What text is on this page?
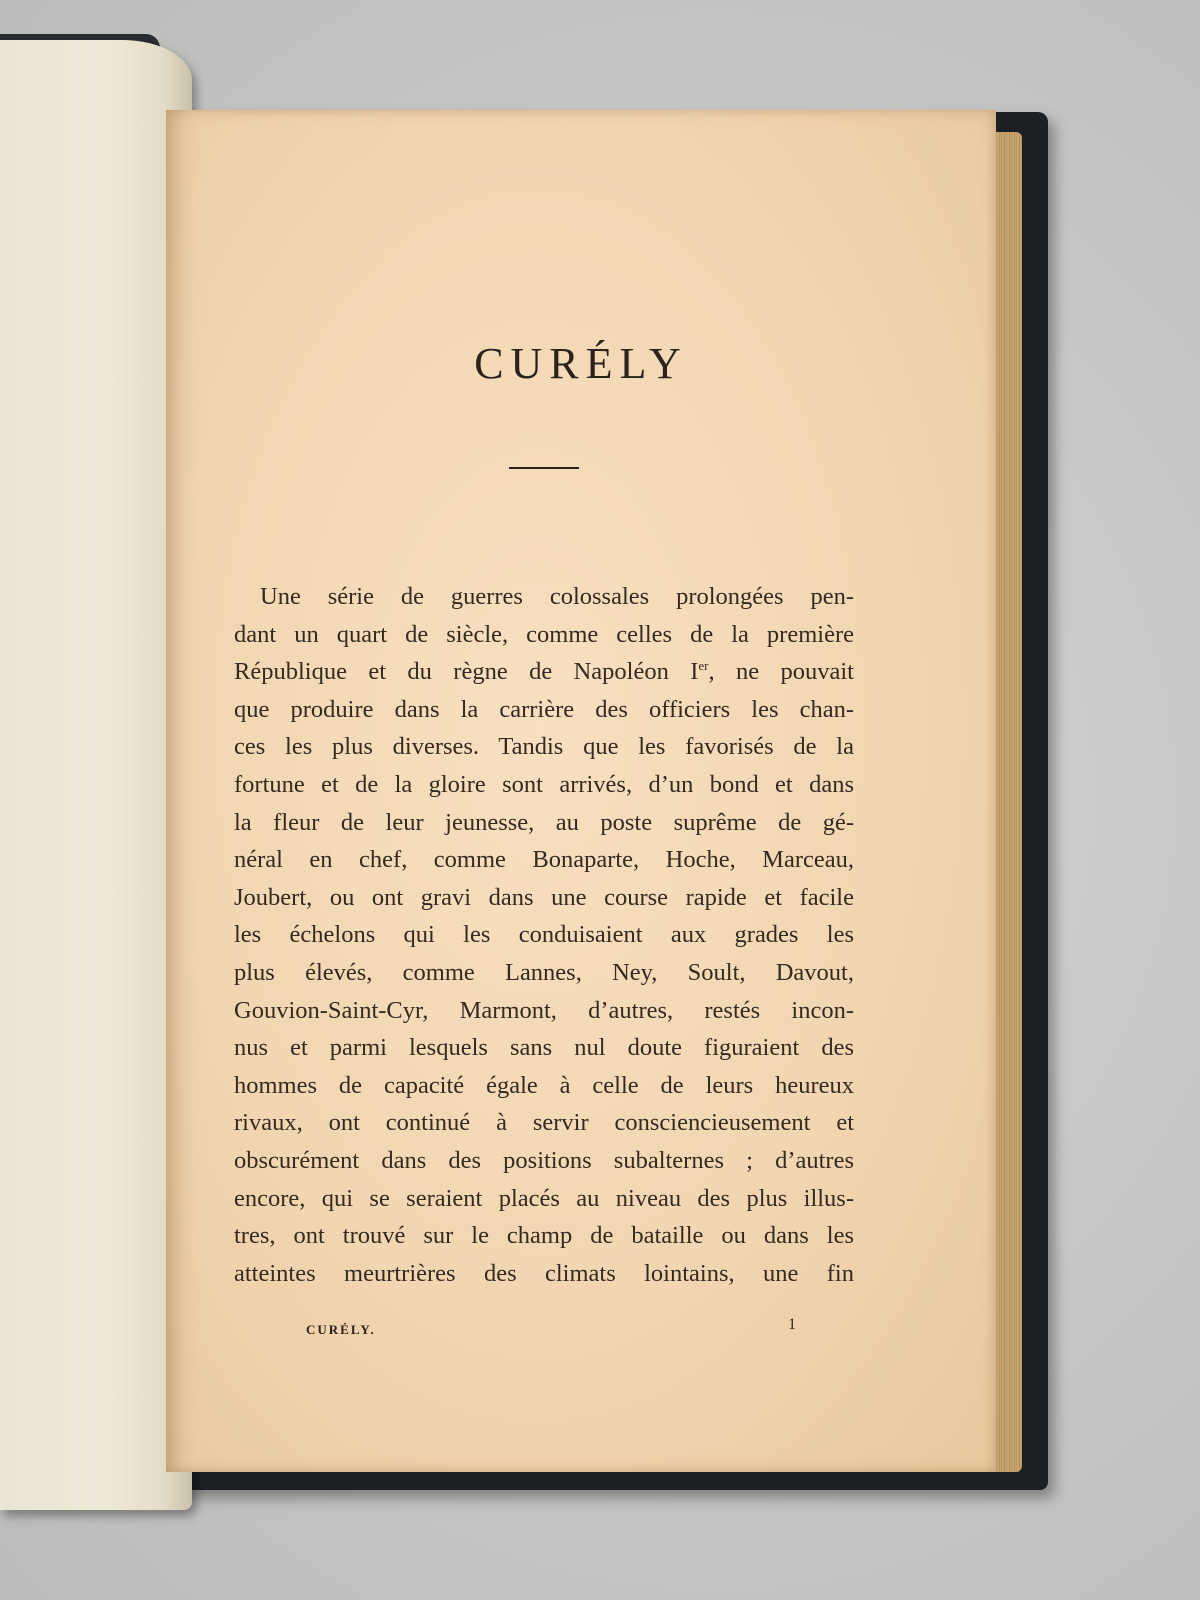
CURÉLY
Une série de guerres colossales prolongées pen-
dant un quart de siècle, comme celles de la première
République et du règne de Napoléon Ier, ne pouvait
que produire dans la carrière des officiers les chan-
ces les plus diverses. Tandis que les favorisés de la
fortune et de la gloire sont arrivés, d’un bond et dans
la fleur de leur jeunesse, au poste suprême de gé-
néral en chef, comme Bonaparte, Hoche, Marceau,
Joubert, ou ont gravi dans une course rapide et facile
les échelons qui les conduisaient aux grades les
plus élevés, comme Lannes, Ney, Soult, Davout,
Gouvion-Saint-Cyr, Marmont, d’autres, restés incon-
nus et parmi lesquels sans nul doute figuraient des
hommes de capacité égale à celle de leurs heureux
rivaux, ont continué à servir consciencieusement et
obscurément dans des positions subalternes ; d’autres
encore, qui se seraient placés au niveau des plus illus-
tres, ont trouvé sur le champ de bataille ou dans les
atteintes meurtrières des climats lointains, une fin
CURÉLY.	1
